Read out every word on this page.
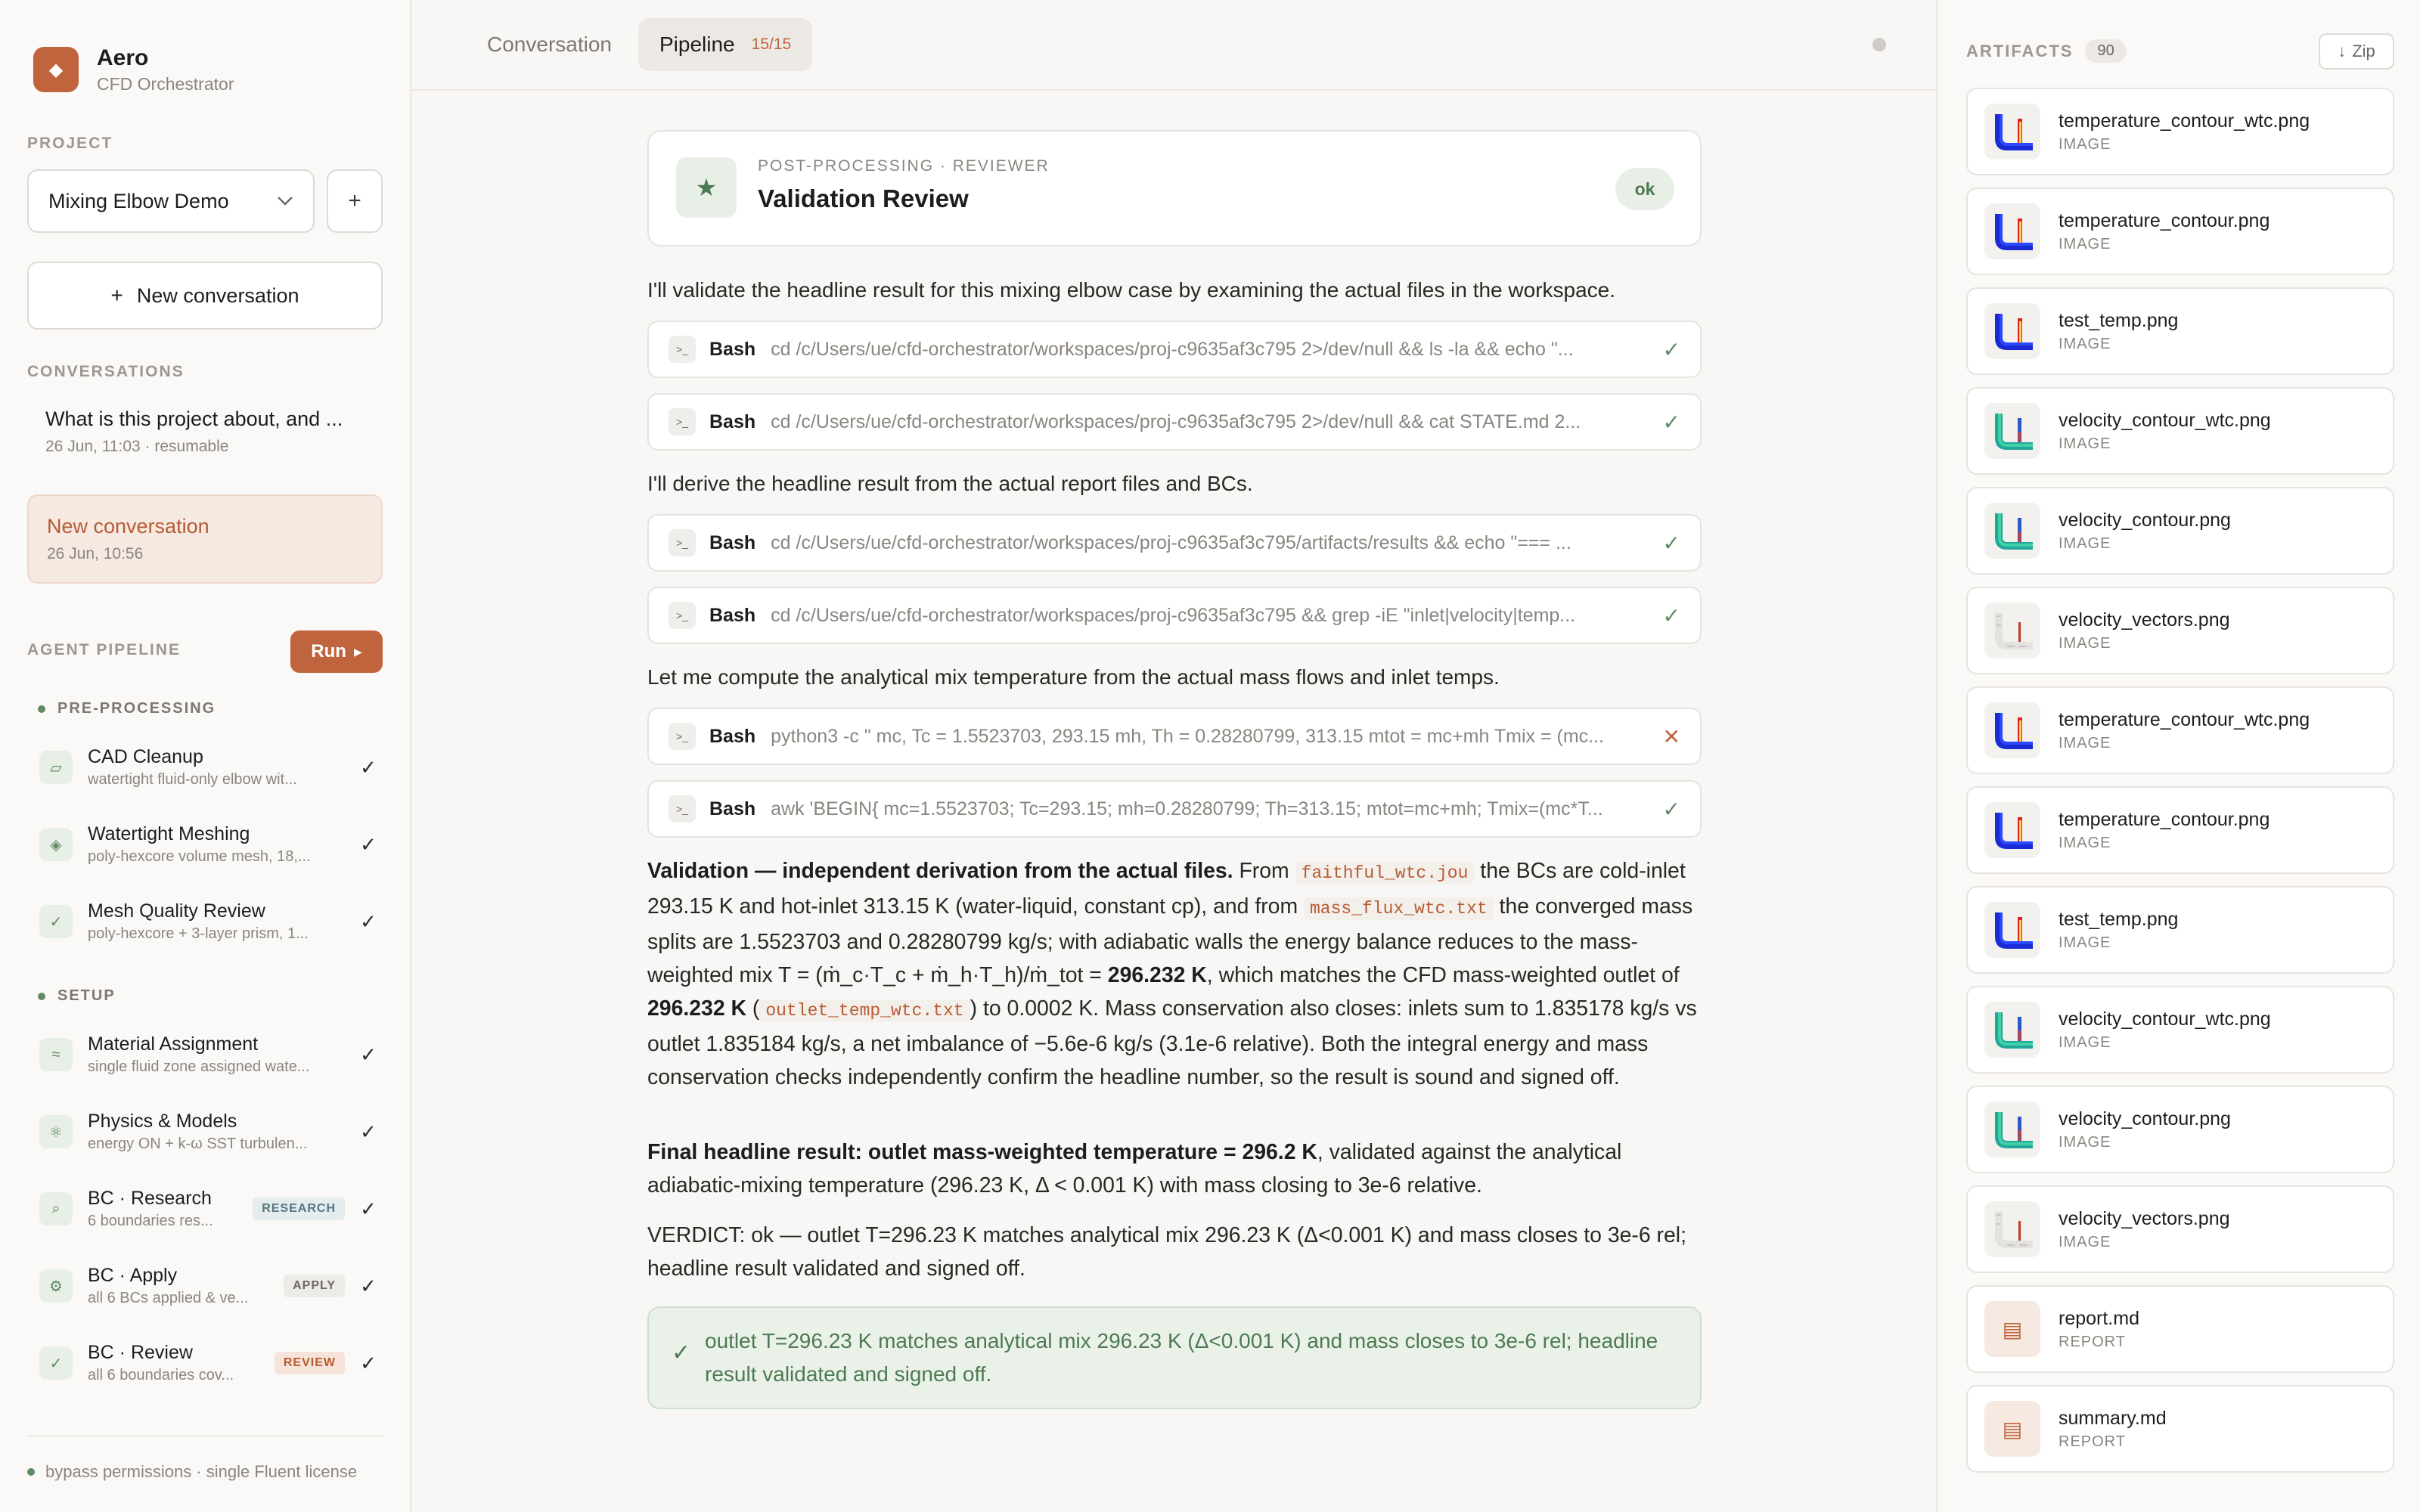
◆	Aero
CFD Orchestrator
PROJECT
Mixing Elbow Demo	+
+ New conversation
CONVERSATIONS
What is this project about, and ...
26 Jun, 11:03 · resumable
New conversation
26 Jun, 10:56
AGENT PIPELINE	Run ▶
PRE-PROCESSING
▱
CAD Cleanup
watertight fluid-only elbow wit...
✓
◈
Watertight Meshing
poly-hexcore volume mesh, 18,...
✓
✓
Mesh Quality Review
poly-hexcore + 3-layer prism, 1...
✓
SETUP
≈	Material Assignment
single fluid zone assigned wate...
✓
⚛
Physics & Models
energy ON + k-ω SST turbulen...
✓
⌕	BC · Research
6 boundaries res...
RESEARCH	✓
⚙
BC · Apply
all 6 BCs applied & ve...
APPLY	✓
✓
BC · Review
all 6 boundaries cov...
REVIEW	✓
bypass permissions · single Fluent license
Conversation Pipeline 15/15
★
POST-PROCESSING · REVIEWER
Validation Review	ok
I'll validate the headline result for this mixing elbow case by examining the actual files in the workspace.
>_	Bash cd /c/Users/ue/cfd-orchestrator/workspaces/proj-c9635af3c795 2>/dev/null && ls -la && echo "...	✓
>_	Bash cd /c/Users/ue/cfd-orchestrator/workspaces/proj-c9635af3c795 2>/dev/null && cat STATE.md 2...	✓
I'll derive the headline result from the actual report files and BCs.
>_	Bash cd /c/Users/ue/cfd-orchestrator/workspaces/proj-c9635af3c795/artifacts/results && echo "=== ...	✓
>_	Bash cd /c/Users/ue/cfd-orchestrator/workspaces/proj-c9635af3c795 && grep -iE "inlet|velocity|temp...	✓
Let me compute the analytical mix temperature from the actual mass flows and inlet temps.
>_	Bash python3 -c " mc, Tc = 1.5523703, 293.15 mh, Th = 0.28280799, 313.15 mtot = mc+mh Tmix = (mc...	✕
>_	Bash awk 'BEGIN{ mc=1.5523703; Tc=293.15; mh=0.28280799; Th=313.15; mtot=mc+mh; Tmix=(mc*T...	✓
Validation — independent derivation from the actual files. From faithful_wtc.jou the BCs are cold-inlet 293.15 K and hot-inlet 313.15 K (water-liquid, constant cp), and from mass_flux_wtc.txt the converged mass splits are 1.5523703 and 0.28280799 kg/s; with adiabatic walls the energy balance reduces to the mass-weighted mix T = (ṁ_c·T_c + ṁ_h·T_h)/ṁ_tot = 296.232 K, which matches the CFD mass-weighted outlet of 296.232 K ( outlet_temp_wtc.txt ) to 0.0002 K. Mass conservation also closes: inlets sum to 1.835178 kg/s vs outlet 1.835184 kg/s, a net imbalance of −5.6e-6 kg/s (3.1e-6 relative). Both the integral energy and mass conservation checks independently confirm the headline number, so the result is sound and signed off.
Final headline result: outlet mass-weighted temperature = 296.2 K, validated against the analytical adiabatic-mixing temperature (296.23 K, Δ < 0.001 K) with mass closing to 3e-6 relative.
VERDICT: ok — outlet T=296.23 K matches analytical mix 296.23 K (Δ<0.001 K) and mass closes to 3e-6 rel; headline result validated and signed off.
✓ outlet T=296.23 K matches analytical mix 296.23 K (Δ<0.001 K) and mass closes to 3e-6 rel; headline result validated and signed off.
ARTIFACTS	90	↓ Zip
temperature_contour_wtc.png
IMAGE
temperature_contour.png
IMAGE
test_temp.png
IMAGE
velocity_contour_wtc.png
IMAGE
velocity_contour.png
IMAGE
velocity_vectors.png
IMAGE
temperature_contour_wtc.png
IMAGE
temperature_contour.png
IMAGE
test_temp.png
IMAGE
velocity_contour_wtc.png
IMAGE
velocity_contour.png
IMAGE
velocity_vectors.png
IMAGE
▤	report.md
REPORT
▤	summary.md
REPORT
